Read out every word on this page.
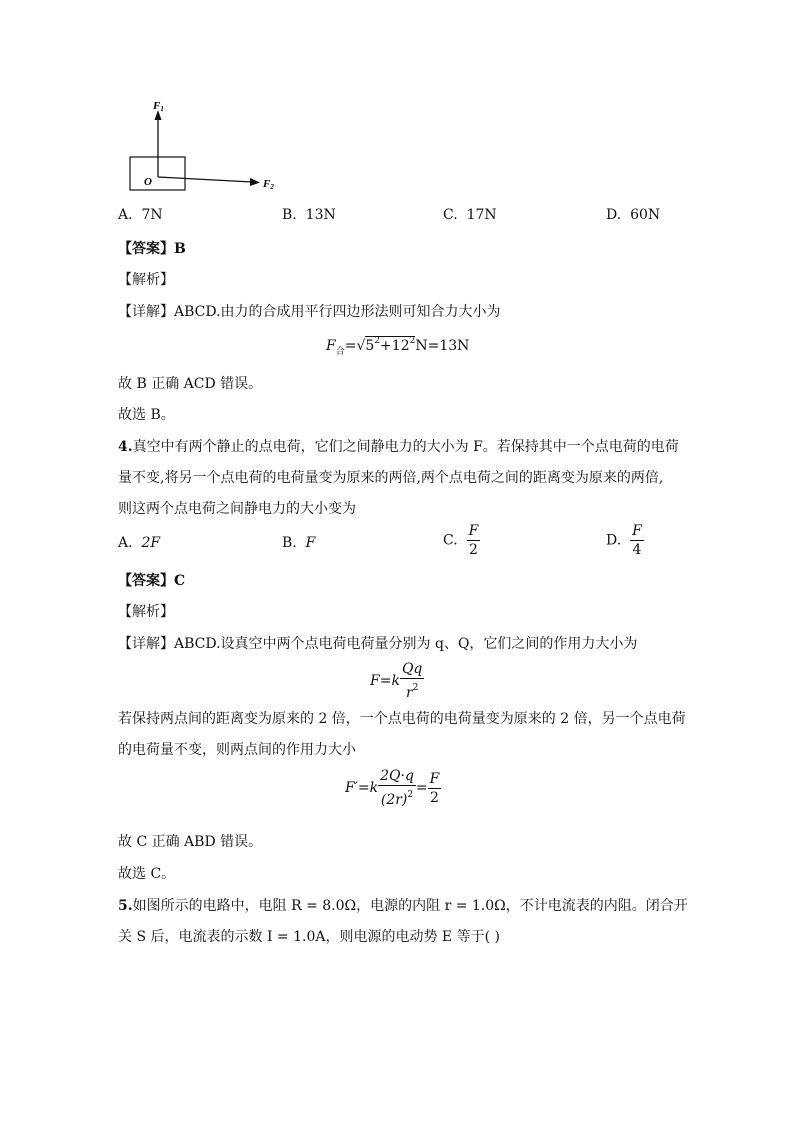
F1
F2
O
A. 7N	B. 13N	C. 17N	D. 60N
【答案】B
【解析】
【详解】ABCD.由力的合成用平行四边形法则可知合力大小为
$F_合=√5^2+12^2N=13N$
故 B 正确 ACD 错误。
故选 B。
4.真空中有两个静止的点电荷，它们之间静电力的大小为 F。若保持其中一个点电荷的电荷
量不变,将另一个点电荷的电荷量变为原来的两倍,两个点电荷之间的距离变为原来的两倍,
则这两个点电荷之间静电力的大小变为
A. 2F	B. F	C. $\frac{F}{2}$	D. $\frac{F}{4}$
【答案】C
【解析】
【详解】ABCD.设真空中两个点电荷电荷量分别为 q、Q，它们之间的作用力大小为
$F=k \frac{Qq}{r^2}$
若保持两点间的距离变为原来的 2 倍，一个点电荷的电荷量变为原来的 2 倍，另一个点电荷
的电荷量不变，则两点间的作用力大小
$F'=k \frac{2Q\cdot q}{(2r)^2} = \frac{F}{2}$
故 C 正确 ABD 错误。
故选 C。
5.如图所示的电路中，电阻 R = 8.0Ω，电源的内阻 r = 1.0Ω，不计电流表的内阻。闭合开
关 S 后，电流表的示数 I = 1.0A，则电源的电动势 E 等于( )
